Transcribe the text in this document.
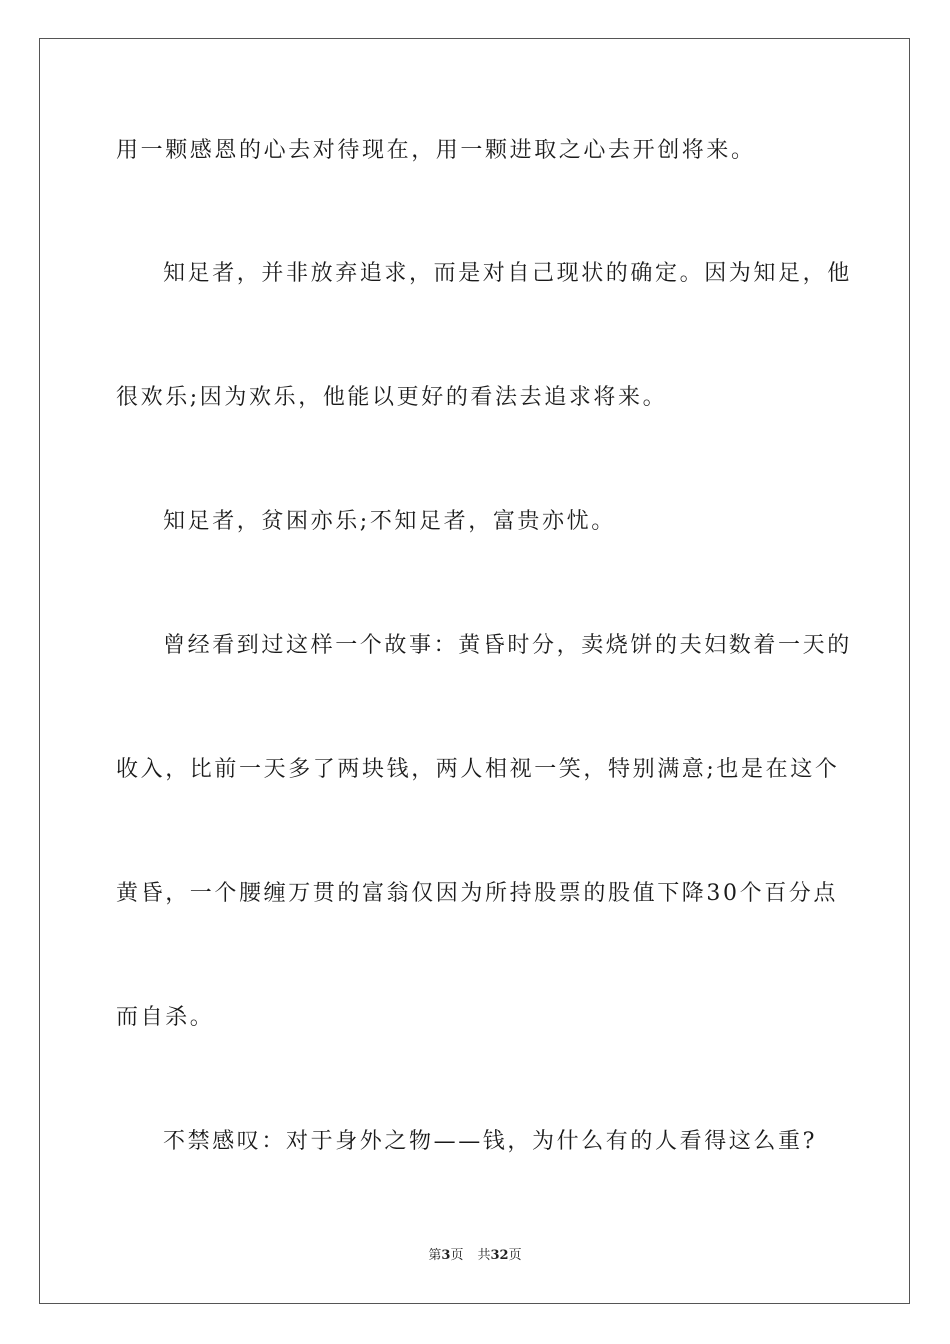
用一颗感恩的心去对待现在，用一颗进取之心去开创将来。
知足者，并非放弃追求，而是对自己现状的确定。因为知足，他
很欢乐;因为欢乐，他能以更好的看法去追求将来。
知足者，贫困亦乐;不知足者，富贵亦忧。
曾经看到过这样一个故事：黄昏时分，卖烧饼的夫妇数着一天的
收入，比前一天多了两块钱，两人相视一笑，特别满意;也是在这个
黄昏，一个腰缠万贯的富翁仅因为所持股票的股值下降30个百分点
而自杀。
不禁感叹：对于身外之物——钱，为什么有的人看得这么重?
第3页 共32页
